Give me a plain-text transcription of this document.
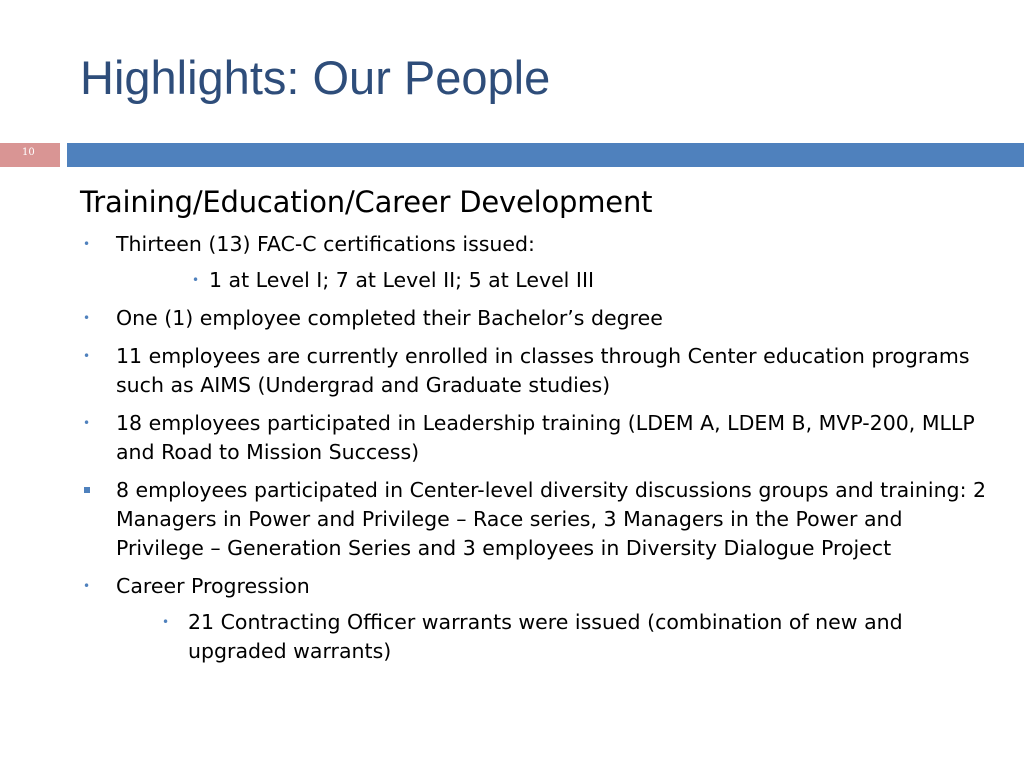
Highlights: Our People
10
Training/Education/Career Development
• Thirteen (13) FAC-C certifications issued:
• 1 at Level I; 7 at Level II; 5 at Level III
• One (1) employee completed their Bachelor’s degree
• 11 employees are currently enrolled in classes through Center education programs such as AIMS (Undergrad and Graduate studies)
• 18 employees participated in Leadership training (LDEM A, LDEM B, MVP-200, MLLP and Road to Mission Success)
8 employees participated in Center-level diversity discussions groups and training: 2 Managers in Power and Privilege – Race series, 3 Managers in the Power and Privilege – Generation Series and 3 employees in Diversity Dialogue Project
• Career Progression
• 21 Contracting Officer warrants were issued (combination of new and upgraded warrants)
